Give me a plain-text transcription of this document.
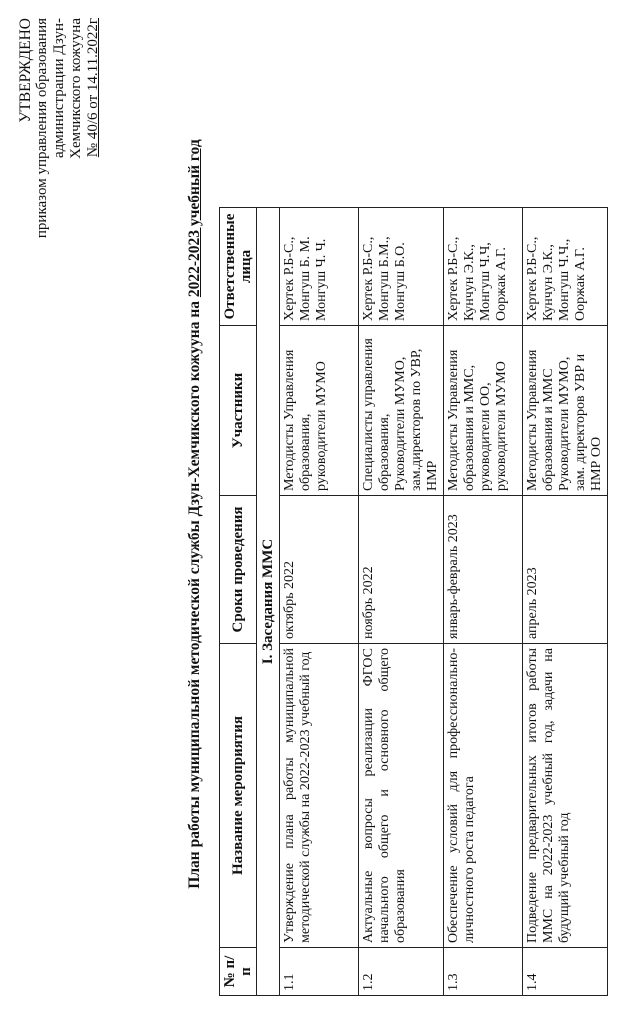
УТВЕРЖДЕНО приказом управления образования администрации Дзун- Хемчикского кожууна № 40/6 от 14.11.2022г
План работы муниципальной методической службы Дзун-Хемчикского кожууна на 2022-2023 учебный год
№ п/п	Название мероприятия	Сроки проведения	Участники	Ответственные лица
I. Заседания ММС				
1.1	Утверждение плана работы муниципальной методической службы на 2022-2023 учебный год	октябрь 2022	Методисты Управления образования, руководители МУМО	Хертек Р.Б-С., Монгуш Б. М. Монгуш Ч. Ч.
1.2	Актуальные вопросы реализации ФГОС начального общего и основного общего образования	ноябрь 2022	Специалисты управления образования, Руководители МУМО, зам.директоров по УВР, НМР	Хертек Р.Б-С., Монгуш Б.М., Монгуш Б.О.
1.3	Обеспечение условий для профессионально-личностного роста педагога	январь-февраль 2023	Методисты Управления образования и ММС, руководители ОО, руководители МУМО	Хертек Р.Б-С., Кунчун Э.К., Монгуш Ч.Ч, Ооржак А.Г.
1.4	Подведение предварительных итогов работы ММС на 2022-2023 учебный год, задачи на будущий учебный год	апрель 2023	Методисты Управления образования и ММС Руководители МУМО, зам. директоров УВР и НМР ОО	Хертек Р.Б-С., Кунчун Э.К., Монгуш Ч.Ч., Ооржак А.Г.
